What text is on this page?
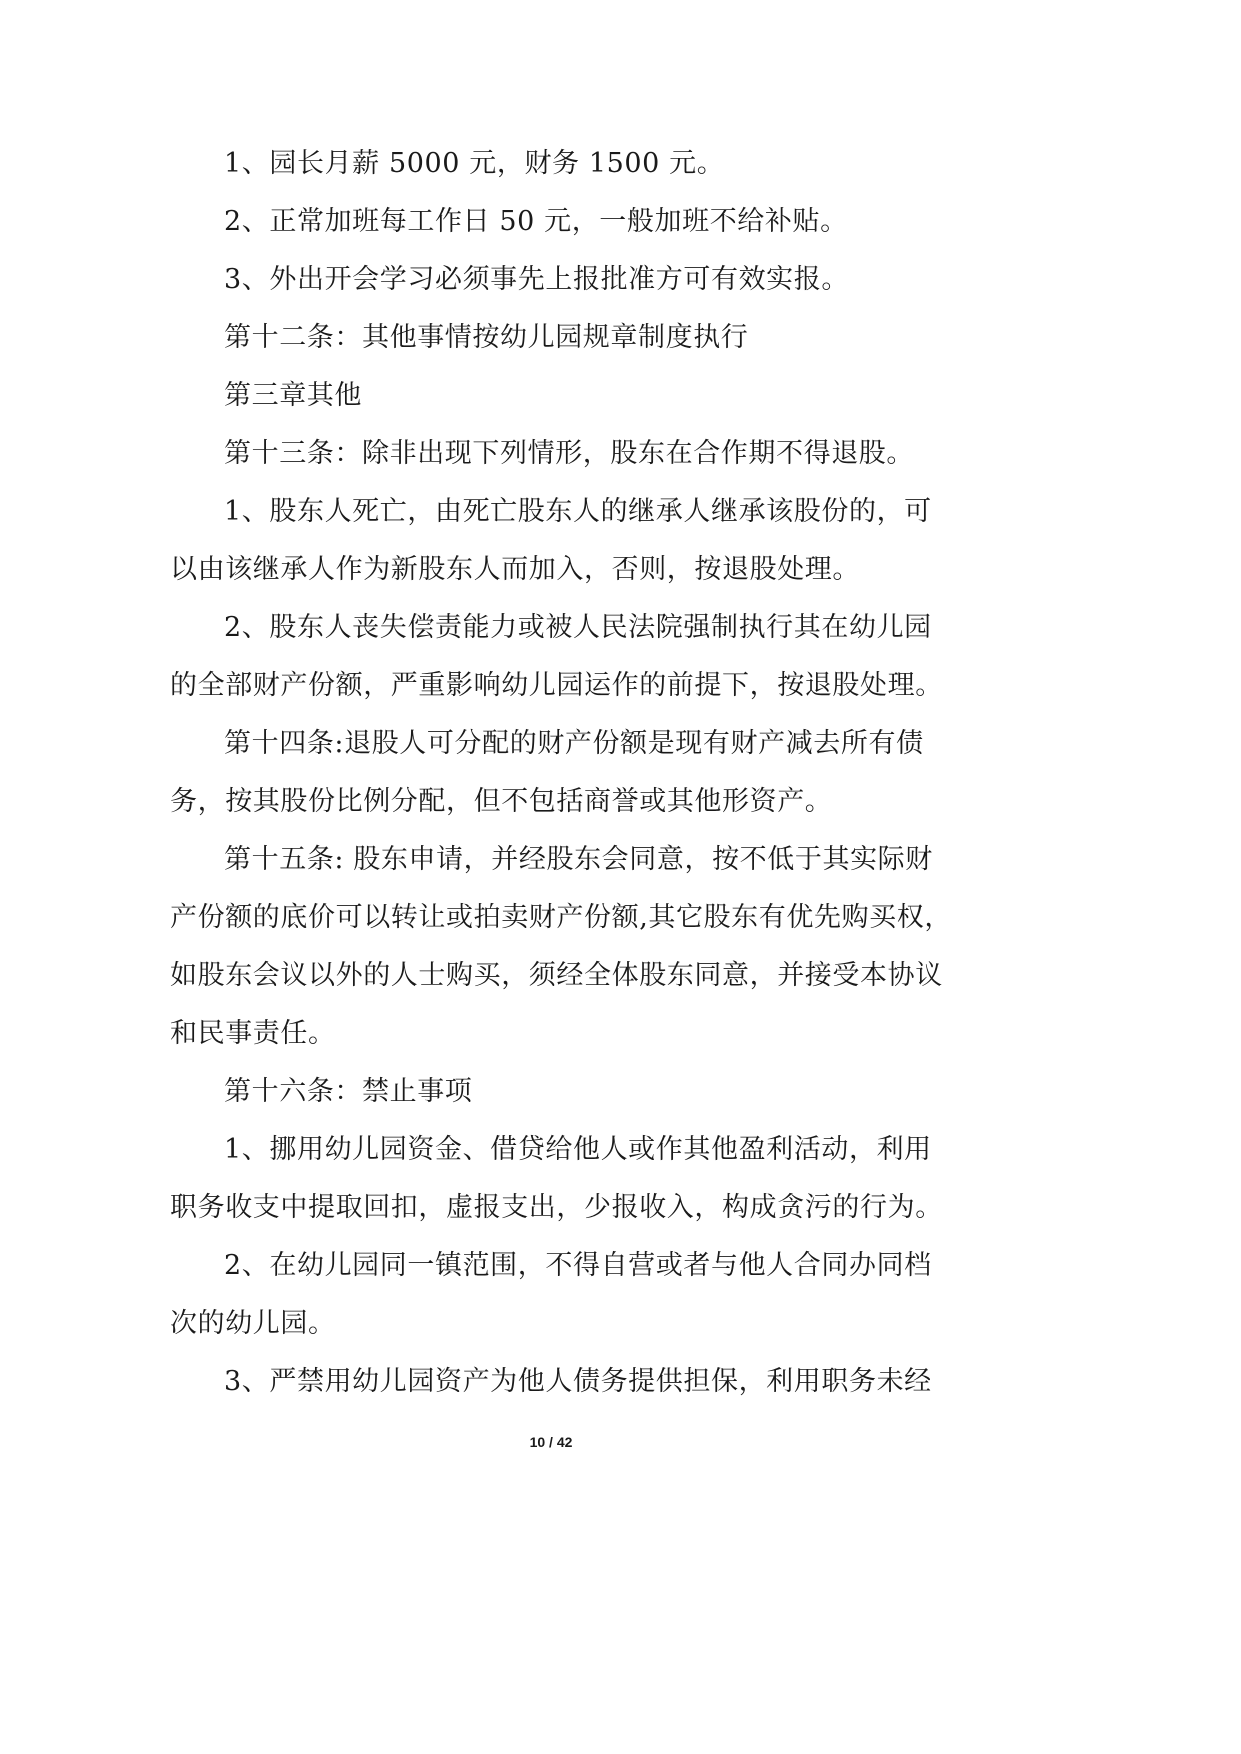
1、园长月薪 5000 元，财务 1500 元。
2、正常加班每工作日 50 元，一般加班不给补贴。
3、外出开会学习必须事先上报批准方可有效实报。
第十二条：其他事情按幼儿园规章制度执行
第三章其他
第十三条：除非出现下列情形，股东在合作期不得退股。
1、股东人死亡，由死亡股东人的继承人继承该股份的，可
以由该继承人作为新股东人而加入，否则，按退股处理。
2、股东人丧失偿责能力或被人民法院强制执行其在幼儿园
的全部财产份额，严重影响幼儿园运作的前提下，按退股处理。
第十四条:退股人可分配的财产份额是现有财产减去所有债
务，按其股份比例分配，但不包括商誉或其他形资产。
第十五条: 股东申请，并经股东会同意，按不低于其实际财
产份额的底价可以转让或拍卖财产份额,其它股东有优先购买权，
如股东会议以外的人士购买，须经全体股东同意，并接受本协议
和民事责任。
第十六条：禁止事项
1、挪用幼儿园资金、借贷给他人或作其他盈利活动，利用
职务收支中提取回扣，虚报支出，少报收入，构成贪污的行为。
2、在幼儿园同一镇范围，不得自营或者与他人合同办同档
次的幼儿园。
3、严禁用幼儿园资产为他人债务提供担保，利用职务未经
10 / 42
